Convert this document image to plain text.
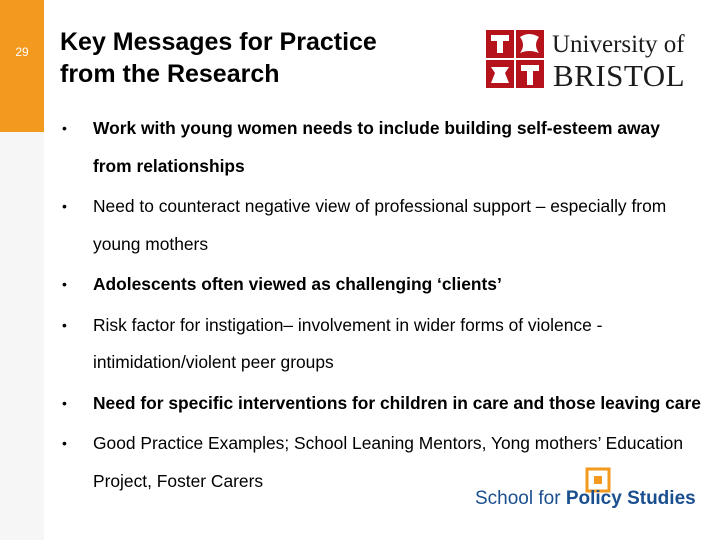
29	Key Messages for Practice
from the Research
University of
BRISTOL
• Work with young women needs to include building self-esteem away from relationships
• Need to counteract negative view of professional support – especially from young mothers
• Adolescents often viewed as challenging ‘clients’
• Risk factor for instigation– involvement in wider forms of violence - intimidation/violent peer groups
• Need for specific interventions for children in care and those leaving care
• Good Practice Examples; School Leaning Mentors, Yong mothers’ Education Project, Foster Carers
School for Policy Studies
